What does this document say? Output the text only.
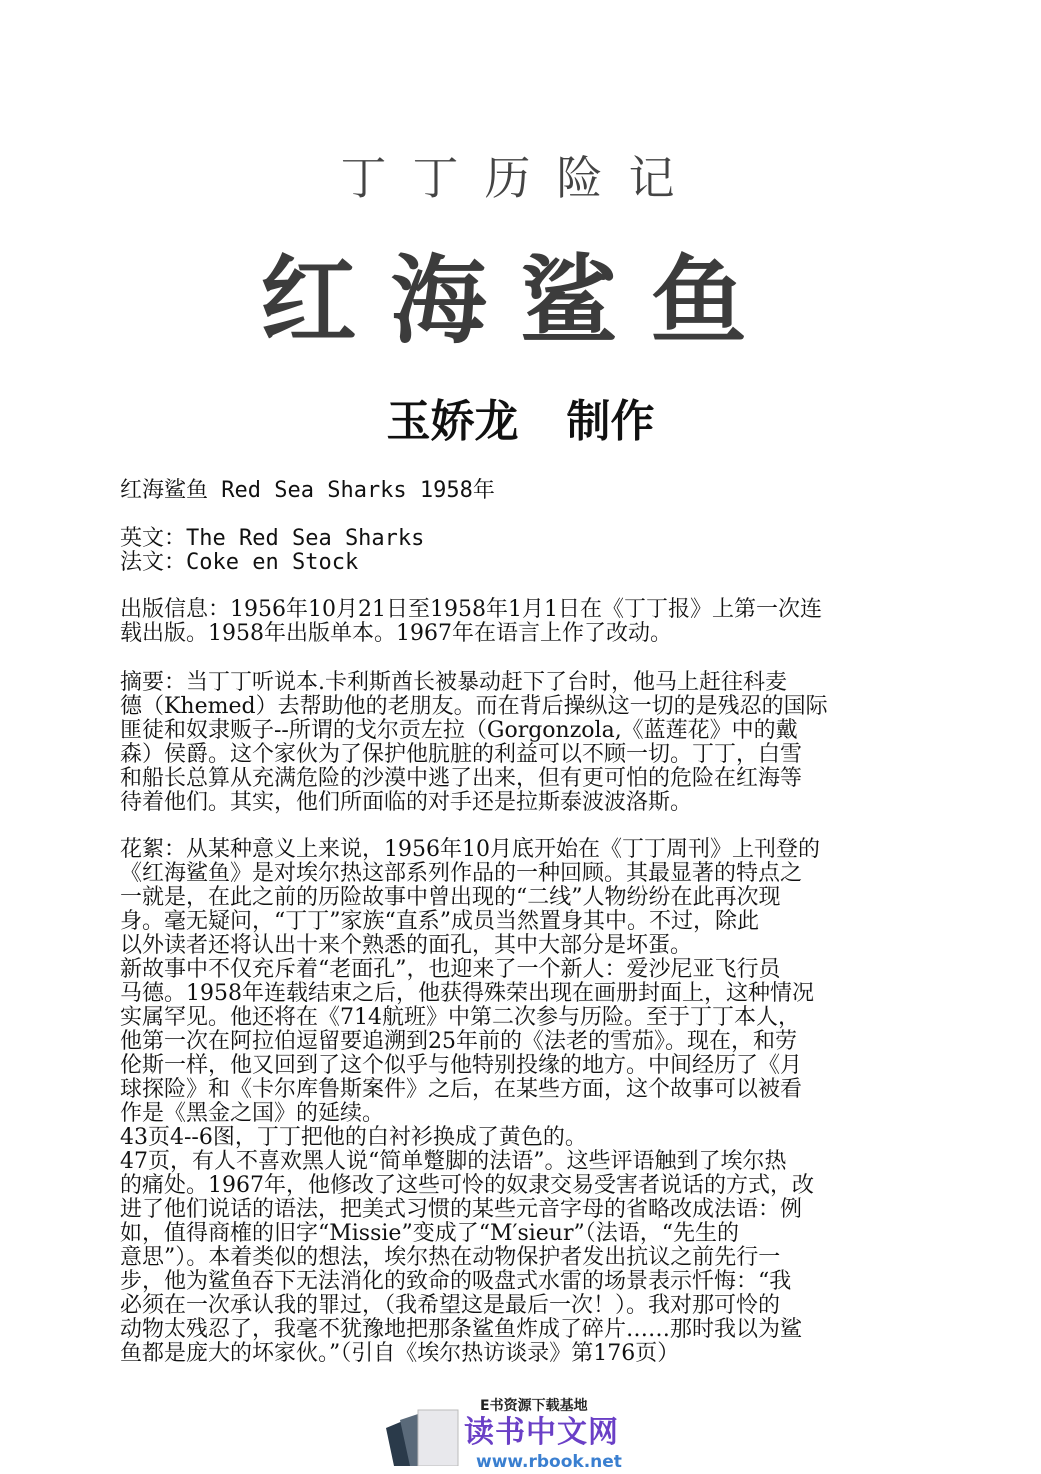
丁丁历险记
红海鲨鱼
玉娇龙 制作
红海鲨鱼 Red Sea Sharks 1958年
英文：The Red Sea Sharks
法文：Coke en Stock
出版信息：1956年10月21日至1958年1月1日在《丁丁报》上第一次连
载出版。1958年出版单本。1967年在语言上作了改动。
摘要：当丁丁听说本.卡利斯酋长被暴动赶下了台时，他马上赶往科麦
德（Khemed）去帮助他的老朋友。而在背后操纵这一切的是残忍的国际
匪徒和奴隶贩子--所谓的戈尔贡左拉（Gorgonzola,《蓝莲花》中的戴
森）侯爵。这个家伙为了保护他肮脏的利益可以不顾一切。丁丁，白雪
和船长总算从充满危险的沙漠中逃了出来，但有更可怕的危险在红海等
待着他们。其实，他们所面临的对手还是拉斯泰波波洛斯。
花絮：从某种意义上来说，1956年10月底开始在《丁丁周刊》上刊登的
《红海鲨鱼》是对埃尔热这部系列作品的一种回顾。其最显著的特点之
一就是，在此之前的历险故事中曾出现的“二线”人物纷纷在此再次现
身。毫无疑问，“丁丁”家族“直系”成员当然置身其中。不过，除此
以外读者还将认出十来个熟悉的面孔，其中大部分是坏蛋。
新故事中不仅充斥着“老面孔”，也迎来了一个新人：爱沙尼亚飞行员
马德。1958年连载结束之后，他获得殊荣出现在画册封面上，这种情况
实属罕见。他还将在《714航班》中第二次参与历险。至于丁丁本人，
他第一次在阿拉伯逗留要追溯到25年前的《法老的雪茄》。现在，和劳
伦斯一样，他又回到了这个似乎与他特别投缘的地方。中间经历了《月
球探险》和《卡尔库鲁斯案件》之后，在某些方面，这个故事可以被看
作是《黑金之国》的延续。
43页4--6图，丁丁把他的白衬衫换成了黄色的。
47页，有人不喜欢黑人说“简单蹩脚的法语”。这些评语触到了埃尔热
的痛处。1967年，他修改了这些可怜的奴隶交易受害者说话的方式，改
进了他们说话的语法，把美式习惯的某些元音字母的省略改成法语：例
如，值得商榷的旧字“Missie”变成了“M′sieur”（法语，“先生的
意思”）。本着类似的想法，埃尔热在动物保护者发出抗议之前先行一
步，他为鲨鱼吞下无法消化的致命的吸盘式水雷的场景表示忏悔：“我
必须在一次承认我的罪过，（我希望这是最后一次！）。我对那可怜的
动物太残忍了，我毫不犹豫地把那条鲨鱼炸成了碎片……那时我以为鲨
鱼都是庞大的坏家伙。”（引自《埃尔热访谈录》第176页）
E书资源下载基地
读书中文网
www.rbook.net
